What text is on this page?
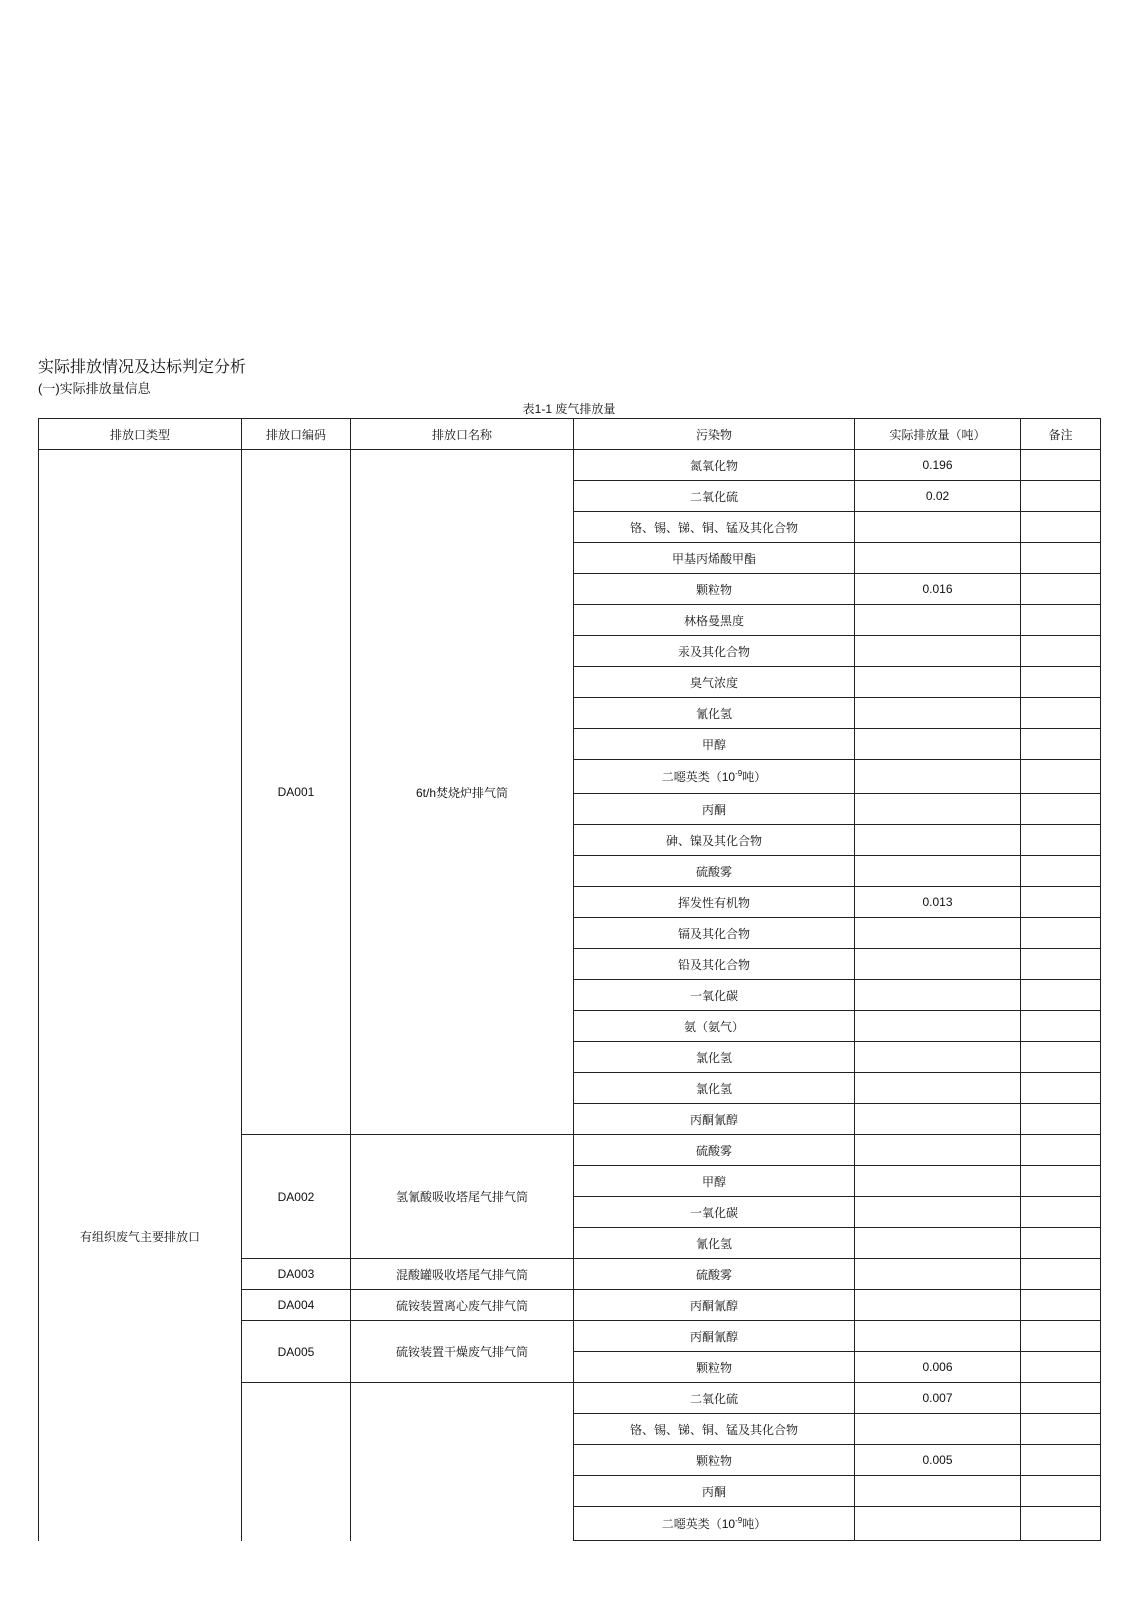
实际排放情况及达标判定分析
(一)实际排放量信息
表1-1 废气排放量
排放口类型	排放口编码	排放口名称	污染物	实际排放量（吨）	备注
有组织废气主要排放口	DA001	6t/h焚烧炉排气筒	氮氧化物	0.196	
			二氧化硫	0.02	
			铬、锡、锑、铜、锰及其化合物		
			甲基丙烯酸甲酯		
			颗粒物	0.016	
			林格曼黑度		
			汞及其化合物		
			臭气浓度		
			氰化氢		
			甲醇		
			二噁英类（$10^{-9}$吨）		
			丙酮		
			砷、镍及其化合物		
			硫酸雾		
			挥发性有机物	0.013	
			镉及其化合物		
			铅及其化合物		
			一氧化碳		
			氨（氨气）		
			氯化氢		
			氯化氢		
			丙酮氰醇		
	DA002	氢氰酸吸收塔尾气排气筒	硫酸雾		
			甲醇		
			一氧化碳		
			氰化氢		
	DA003	混酸罐吸收塔尾气排气筒	硫酸雾		
	DA004	硫铵装置离心废气排气筒	丙酮氰醇		
	DA005	硫铵装置干燥废气排气筒	丙酮氰醇		
			颗粒物	0.006	
			二氧化硫	0.007	
			铬、锡、锑、铜、锰及其化合物		
			颗粒物	0.005	
			丙酮		
			二噁英类（$10^{-9}$吨）		
